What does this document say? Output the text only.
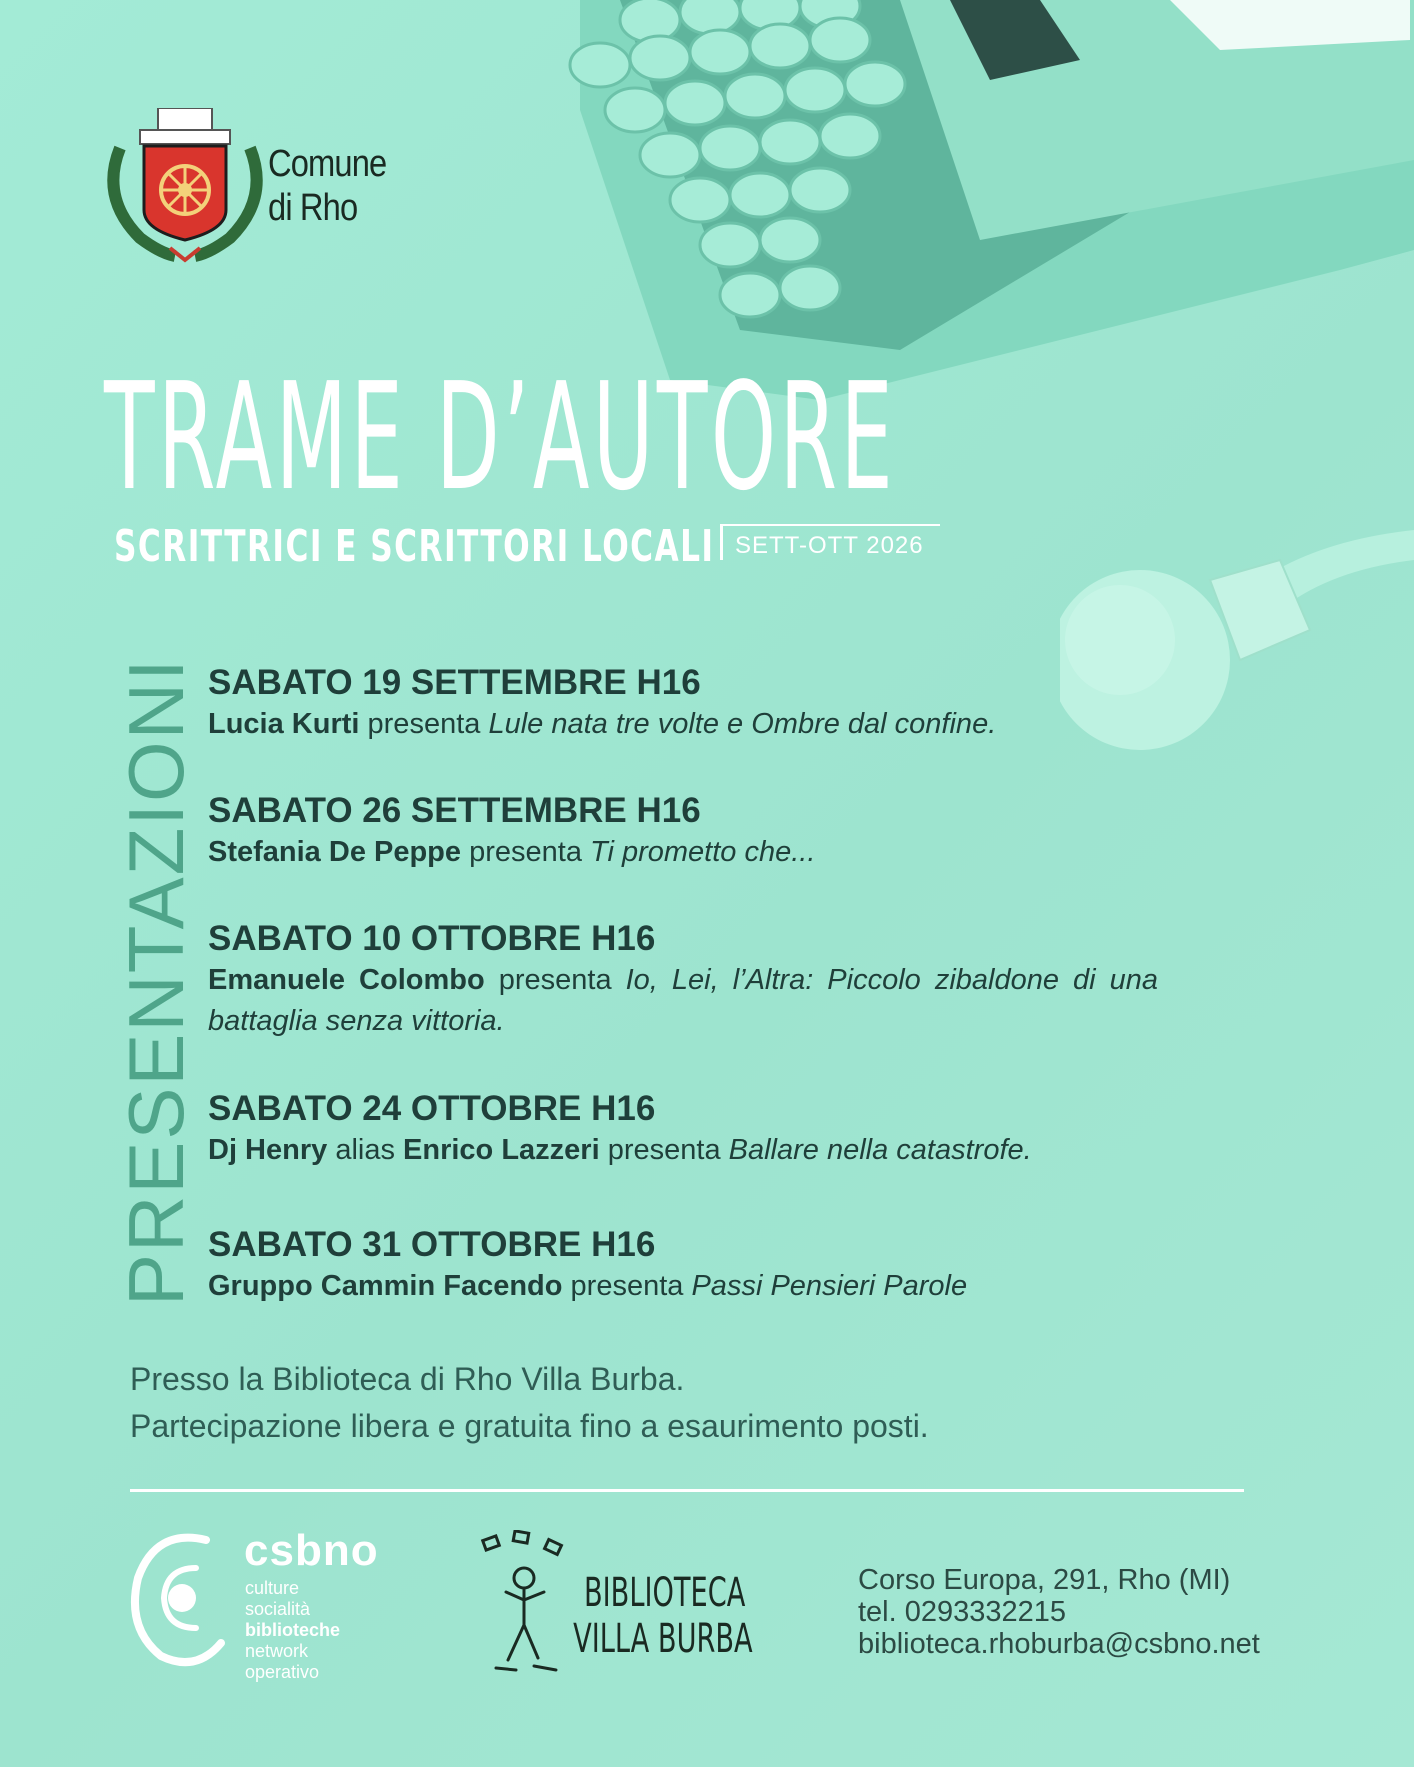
Comune
di Rho
TRAME D’AUTORE
SCRITTRICI E SCRITTORI LOCALI SETT-OTT 2026
PRESENTAZIONI SABATO 19 SETTEMBRE H16

Lucia Kurti presenta Lule nata tre volte e Ombre dal confine.

SABATO 26 SETTEMBRE H16

Stefania De Peppe presenta Ti prometto che...

SABATO 10 OTTOBRE H16

Emanuele Colombo presenta Io, Lei, l’Altra: Piccolo zibaldone di una battaglia senza vittoria.

SABATO 24 OTTOBRE H16

Dj Henry alias Enrico Lazzeri presenta Ballare nella catastrofe.

SABATO 31 OTTOBRE H16

Gruppo Cammin Facendo presenta Passi Pensieri Parole

Presso la Biblioteca di Rho Villa Burba.

Partecipazione libera e gratuita fino a esaurimento posti.

csbno
culture
socialità
biblioteche
network
operativo
BIBLIOTECA
VILLA BURBA
Corso Europa, 291, Rho (MI)
tel. 0293332215
biblioteca.rhoburba@csbno.net
